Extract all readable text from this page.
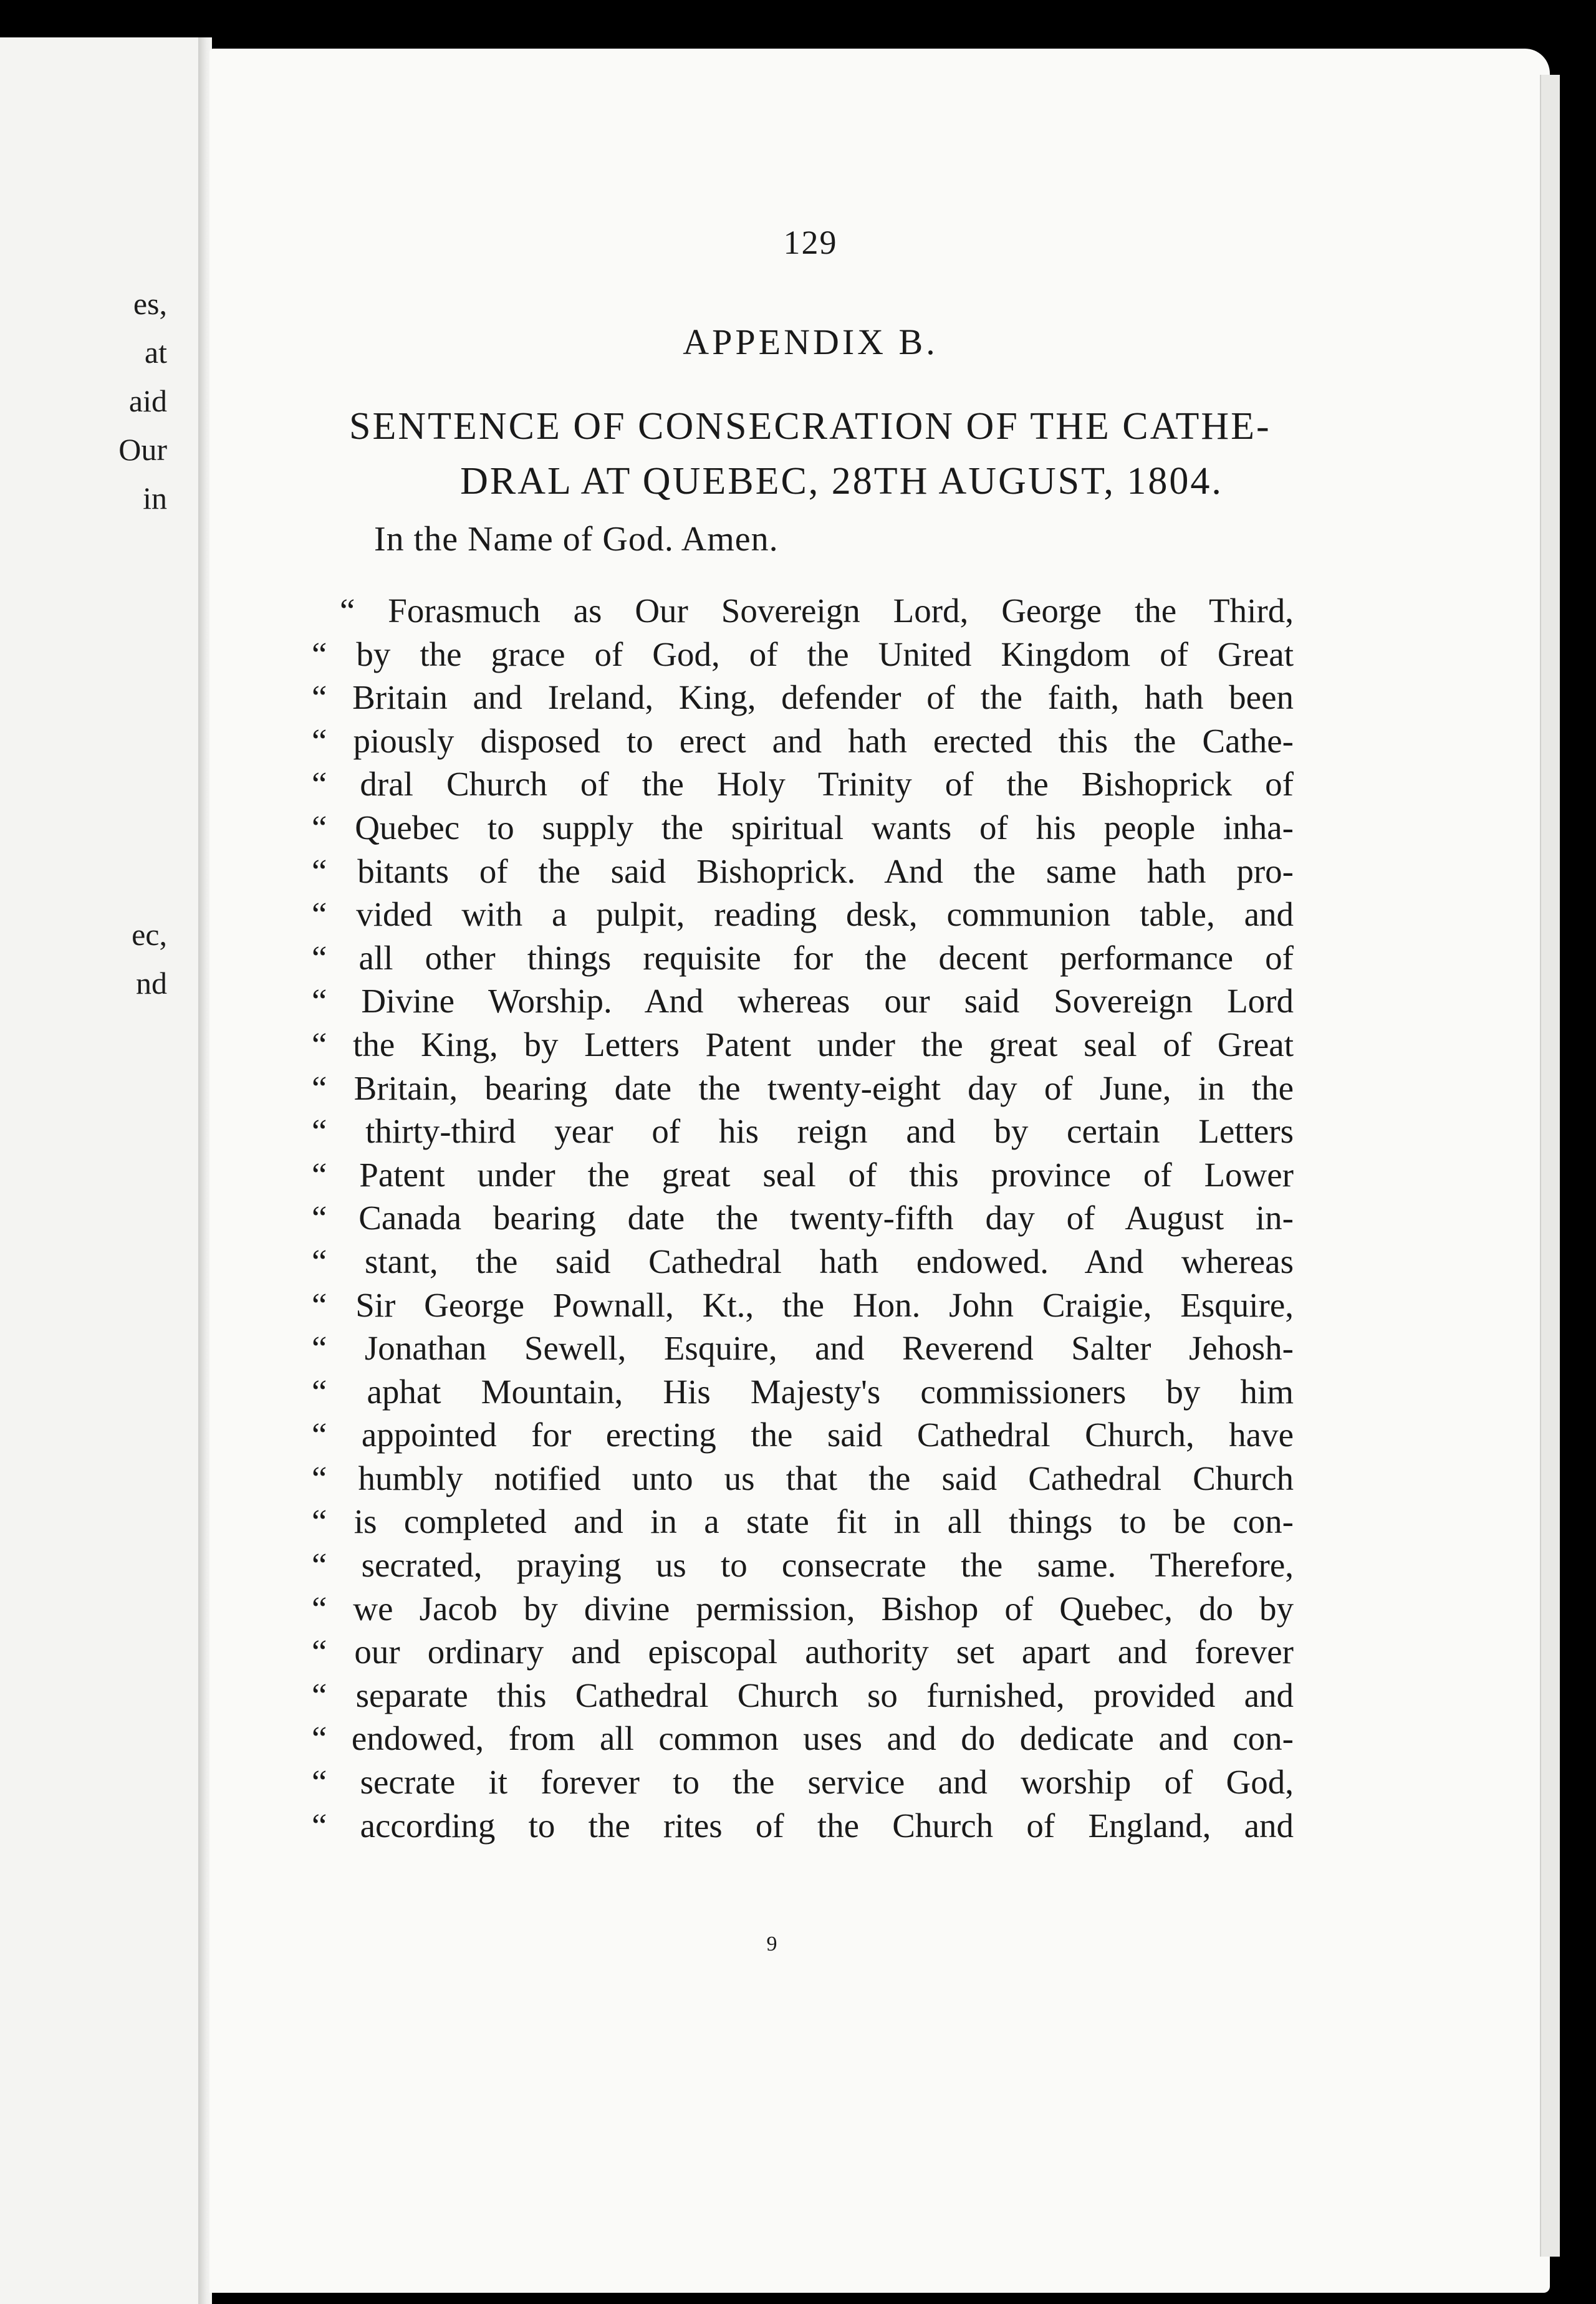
es,
at
aid
Our
in
ec,
nd
129
APPENDIX B.
SENTENCE OF CONSECRATION OF THE CATHE-
DRAL AT QUEBEC, 28TH AUGUST, 1804.
In the Name of God. Amen.
“ Forasmuch as Our Sovereign Lord, George the Third,
“ by the grace of God, of the United Kingdom of Great
“ Britain and Ireland, King, defender of the faith, hath been
“ piously disposed to erect and hath erected this the Cathe-
“ dral Church of the Holy Trinity of the Bishoprick of
“ Quebec to supply the spiritual wants of his people inha-
“ bitants of the said Bishoprick. And the same hath pro-
“ vided with a pulpit, reading desk, communion table, and
“ all other things requisite for the decent performance of
“ Divine Worship. And whereas our said Sovereign Lord
“ the King, by Letters Patent under the great seal of Great
“ Britain, bearing date the twenty-eight day of June, in the
“ thirty-third year of his reign and by certain Letters
“ Patent under the great seal of this province of Lower
“ Canada bearing date the twenty-fifth day of August in-
“ stant, the said Cathedral hath endowed. And whereas
“ Sir George Pownall, Kt., the Hon. John Craigie, Esquire,
“ Jonathan Sewell, Esquire, and Reverend Salter Jehosh-
“ aphat Mountain, His Majesty's commissioners by him
“ appointed for erecting the said Cathedral Church, have
“ humbly notified unto us that the said Cathedral Church
“ is completed and in a state fit in all things to be con-
“ secrated, praying us to consecrate the same. Therefore,
“ we Jacob by divine permission, Bishop of Quebec, do by
“ our ordinary and episcopal authority set apart and forever
“ separate this Cathedral Church so furnished, provided and
“ endowed, from all common uses and do dedicate and con-
“ secrate it forever to the service and worship of God,
“ according to the rites of the Church of England, and
9
